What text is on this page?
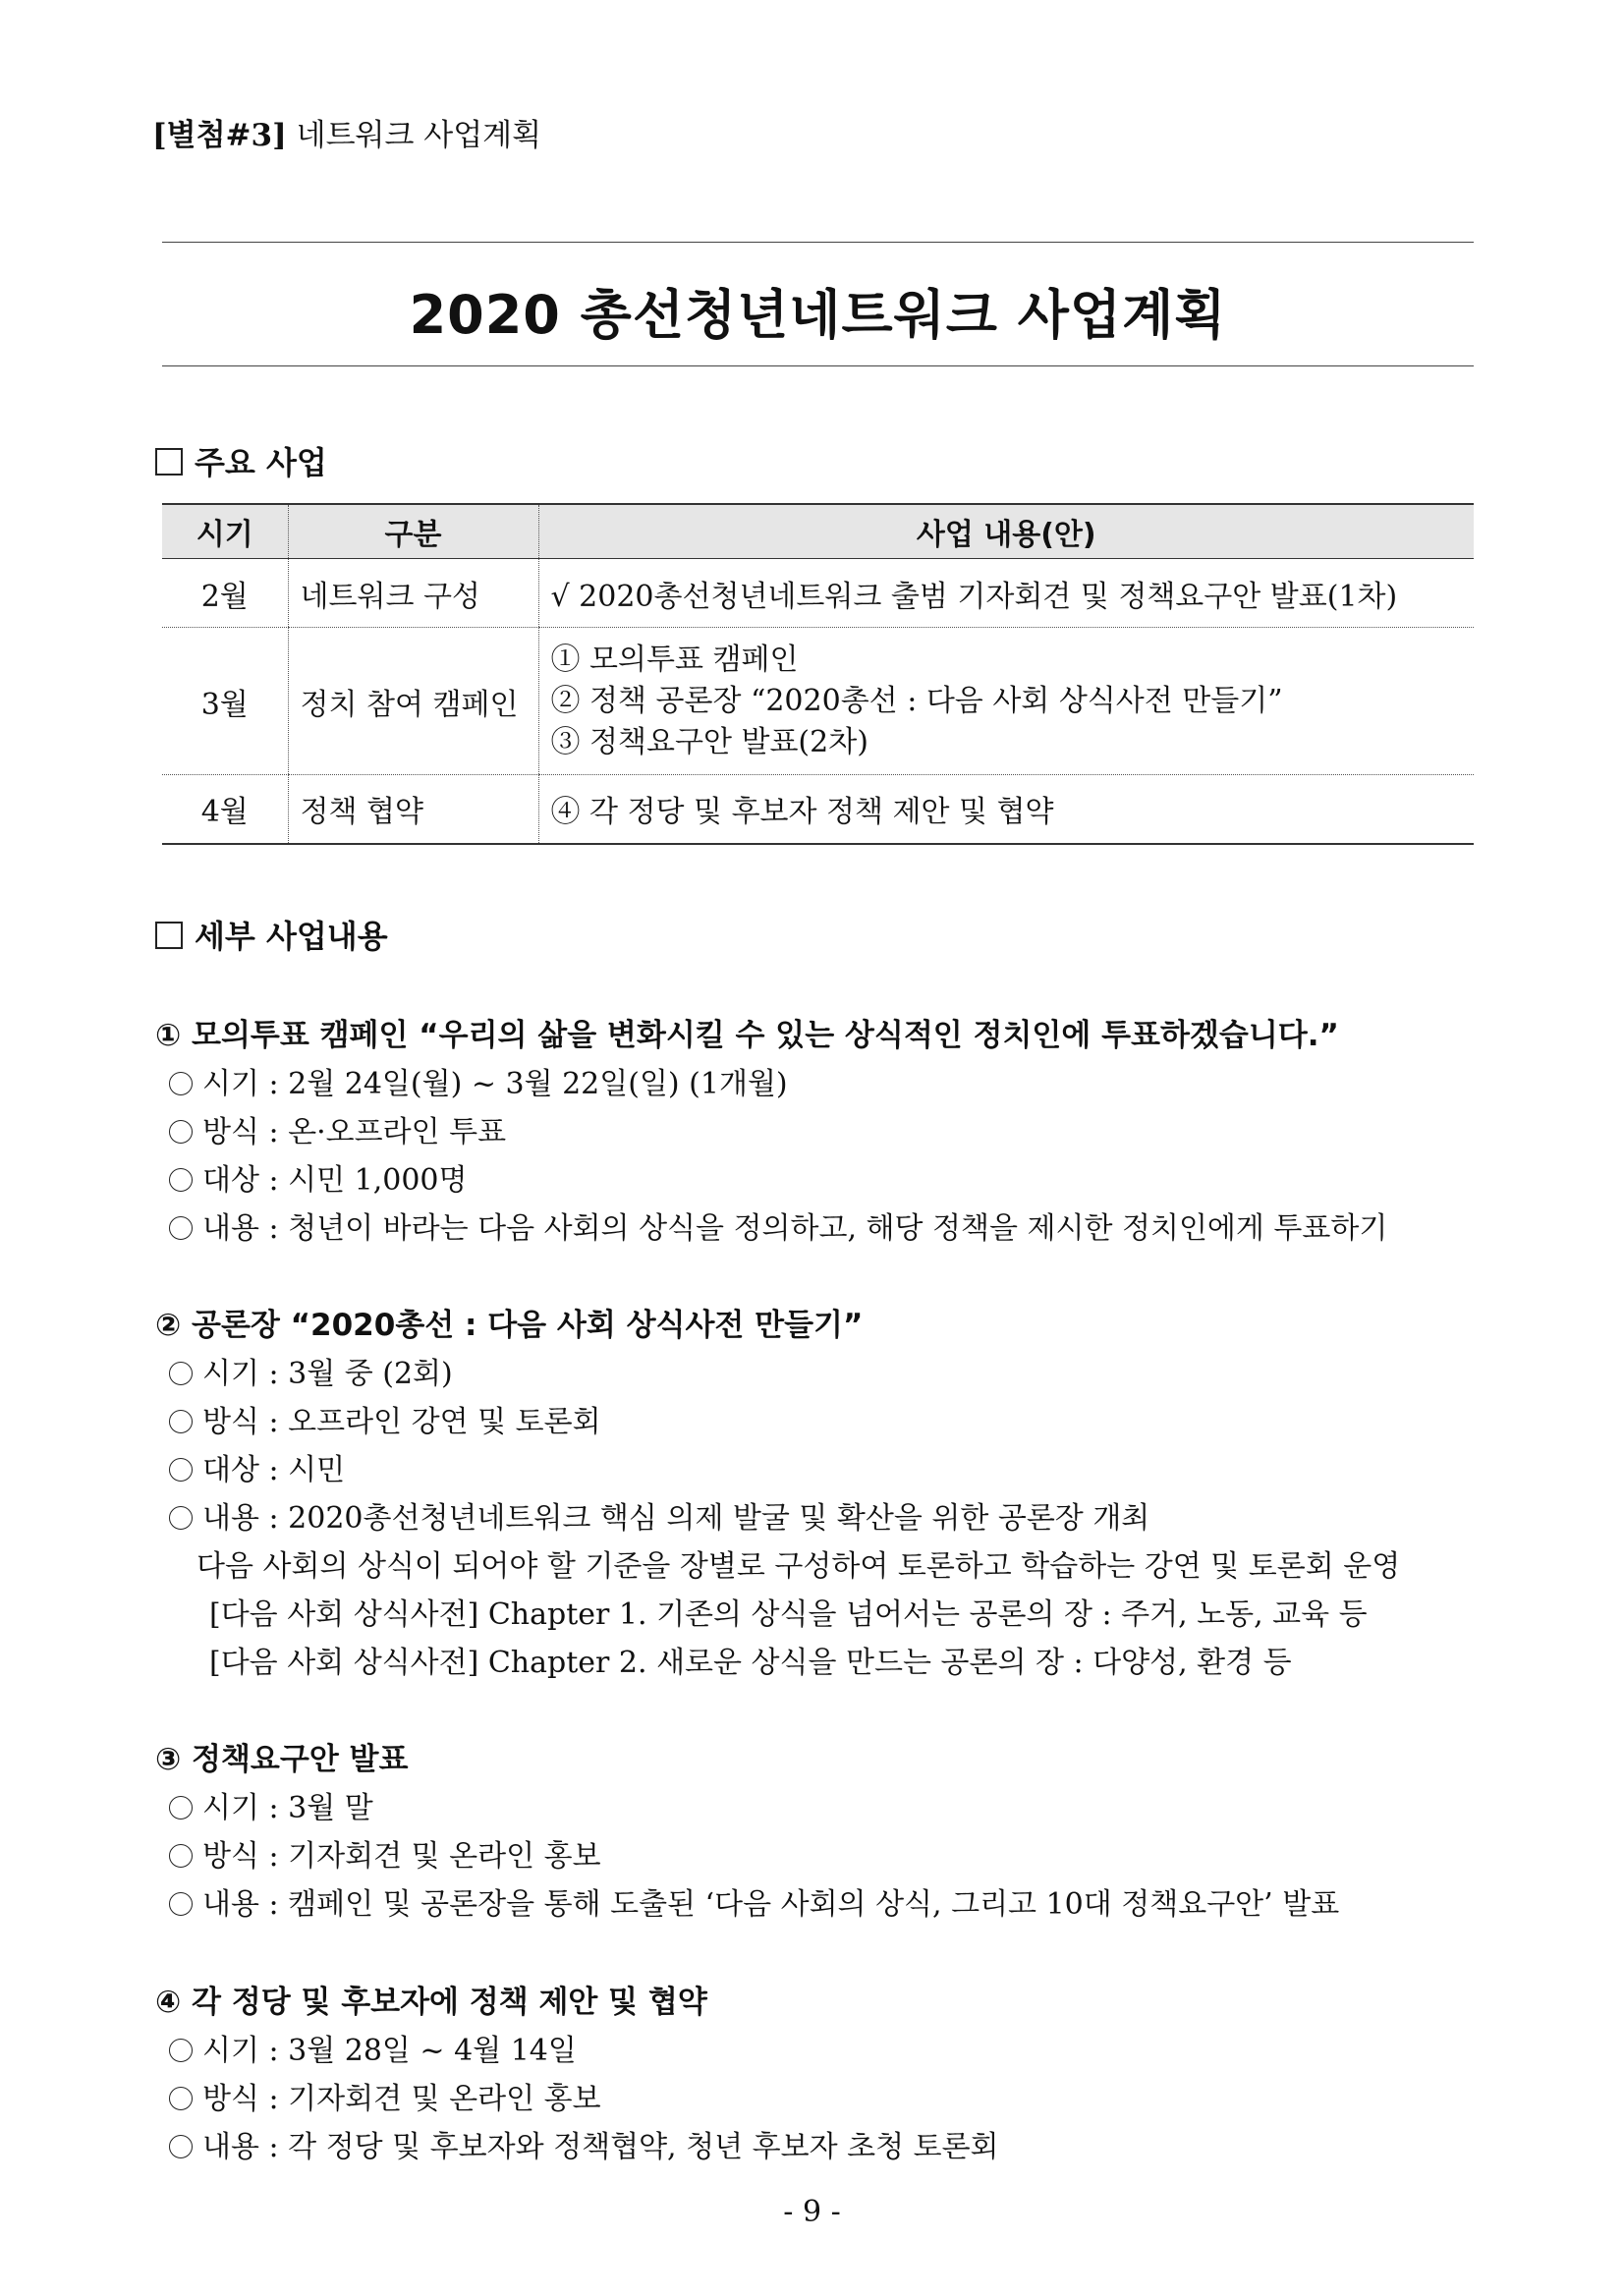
[별첨#3] 네트워크 사업계획
2020 총선청년네트워크 사업계획
주요 사업
시기	구분	사업 내용(안)
2월	네트워크 구성	√ 2020총선청년네트워크 출범 기자회견 및 정책요구안 발표(1차)
3월	정치 참여 캠페인	① 모의투표 캠페인
② 정책 공론장 “2020총선 : 다음 사회 상식사전 만들기”
③ 정책요구안 발표(2차)

4월	정책 협약	④ 각 정당 및 후보자 정책 제안 및 협약
세부 사업내용
① 모의투표 캠페인 “우리의 삶을 변화시킬 수 있는 상식적인 정치인에 투표하겠습니다.”
시기 : 2월 24일(월) ~ 3월 22일(일) (1개월)
방식 : 온·오프라인 투표
대상 : 시민 1,000명
내용 : 청년이 바라는 다음 사회의 상식을 정의하고, 해당 정책을 제시한 정치인에게 투표하기
② 공론장 “2020총선 : 다음 사회 상식사전 만들기”
시기 : 3월 중 (2회)
방식 : 오프라인 강연 및 토론회
대상 : 시민
내용 : 2020총선청년네트워크 핵심 의제 발굴 및 확산을 위한 공론장 개최
다음 사회의 상식이 되어야 할 기준을 장별로 구성하여 토론하고 학습하는 강연 및 토론회 운영
[다음 사회 상식사전] Chapter 1. 기존의 상식을 넘어서는 공론의 장 : 주거, 노동, 교육 등
[다음 사회 상식사전] Chapter 2. 새로운 상식을 만드는 공론의 장 : 다양성, 환경 등
③ 정책요구안 발표
시기 : 3월 말
방식 : 기자회견 및 온라인 홍보
내용 : 캠페인 및 공론장을 통해 도출된 ‘다음 사회의 상식, 그리고 10대 정책요구안’ 발표
④ 각 정당 및 후보자에 정책 제안 및 협약
시기 : 3월 28일 ~ 4월 14일
방식 : 기자회견 및 온라인 홍보
내용 : 각 정당 및 후보자와 정책협약, 청년 후보자 초청 토론회
- 9 -
